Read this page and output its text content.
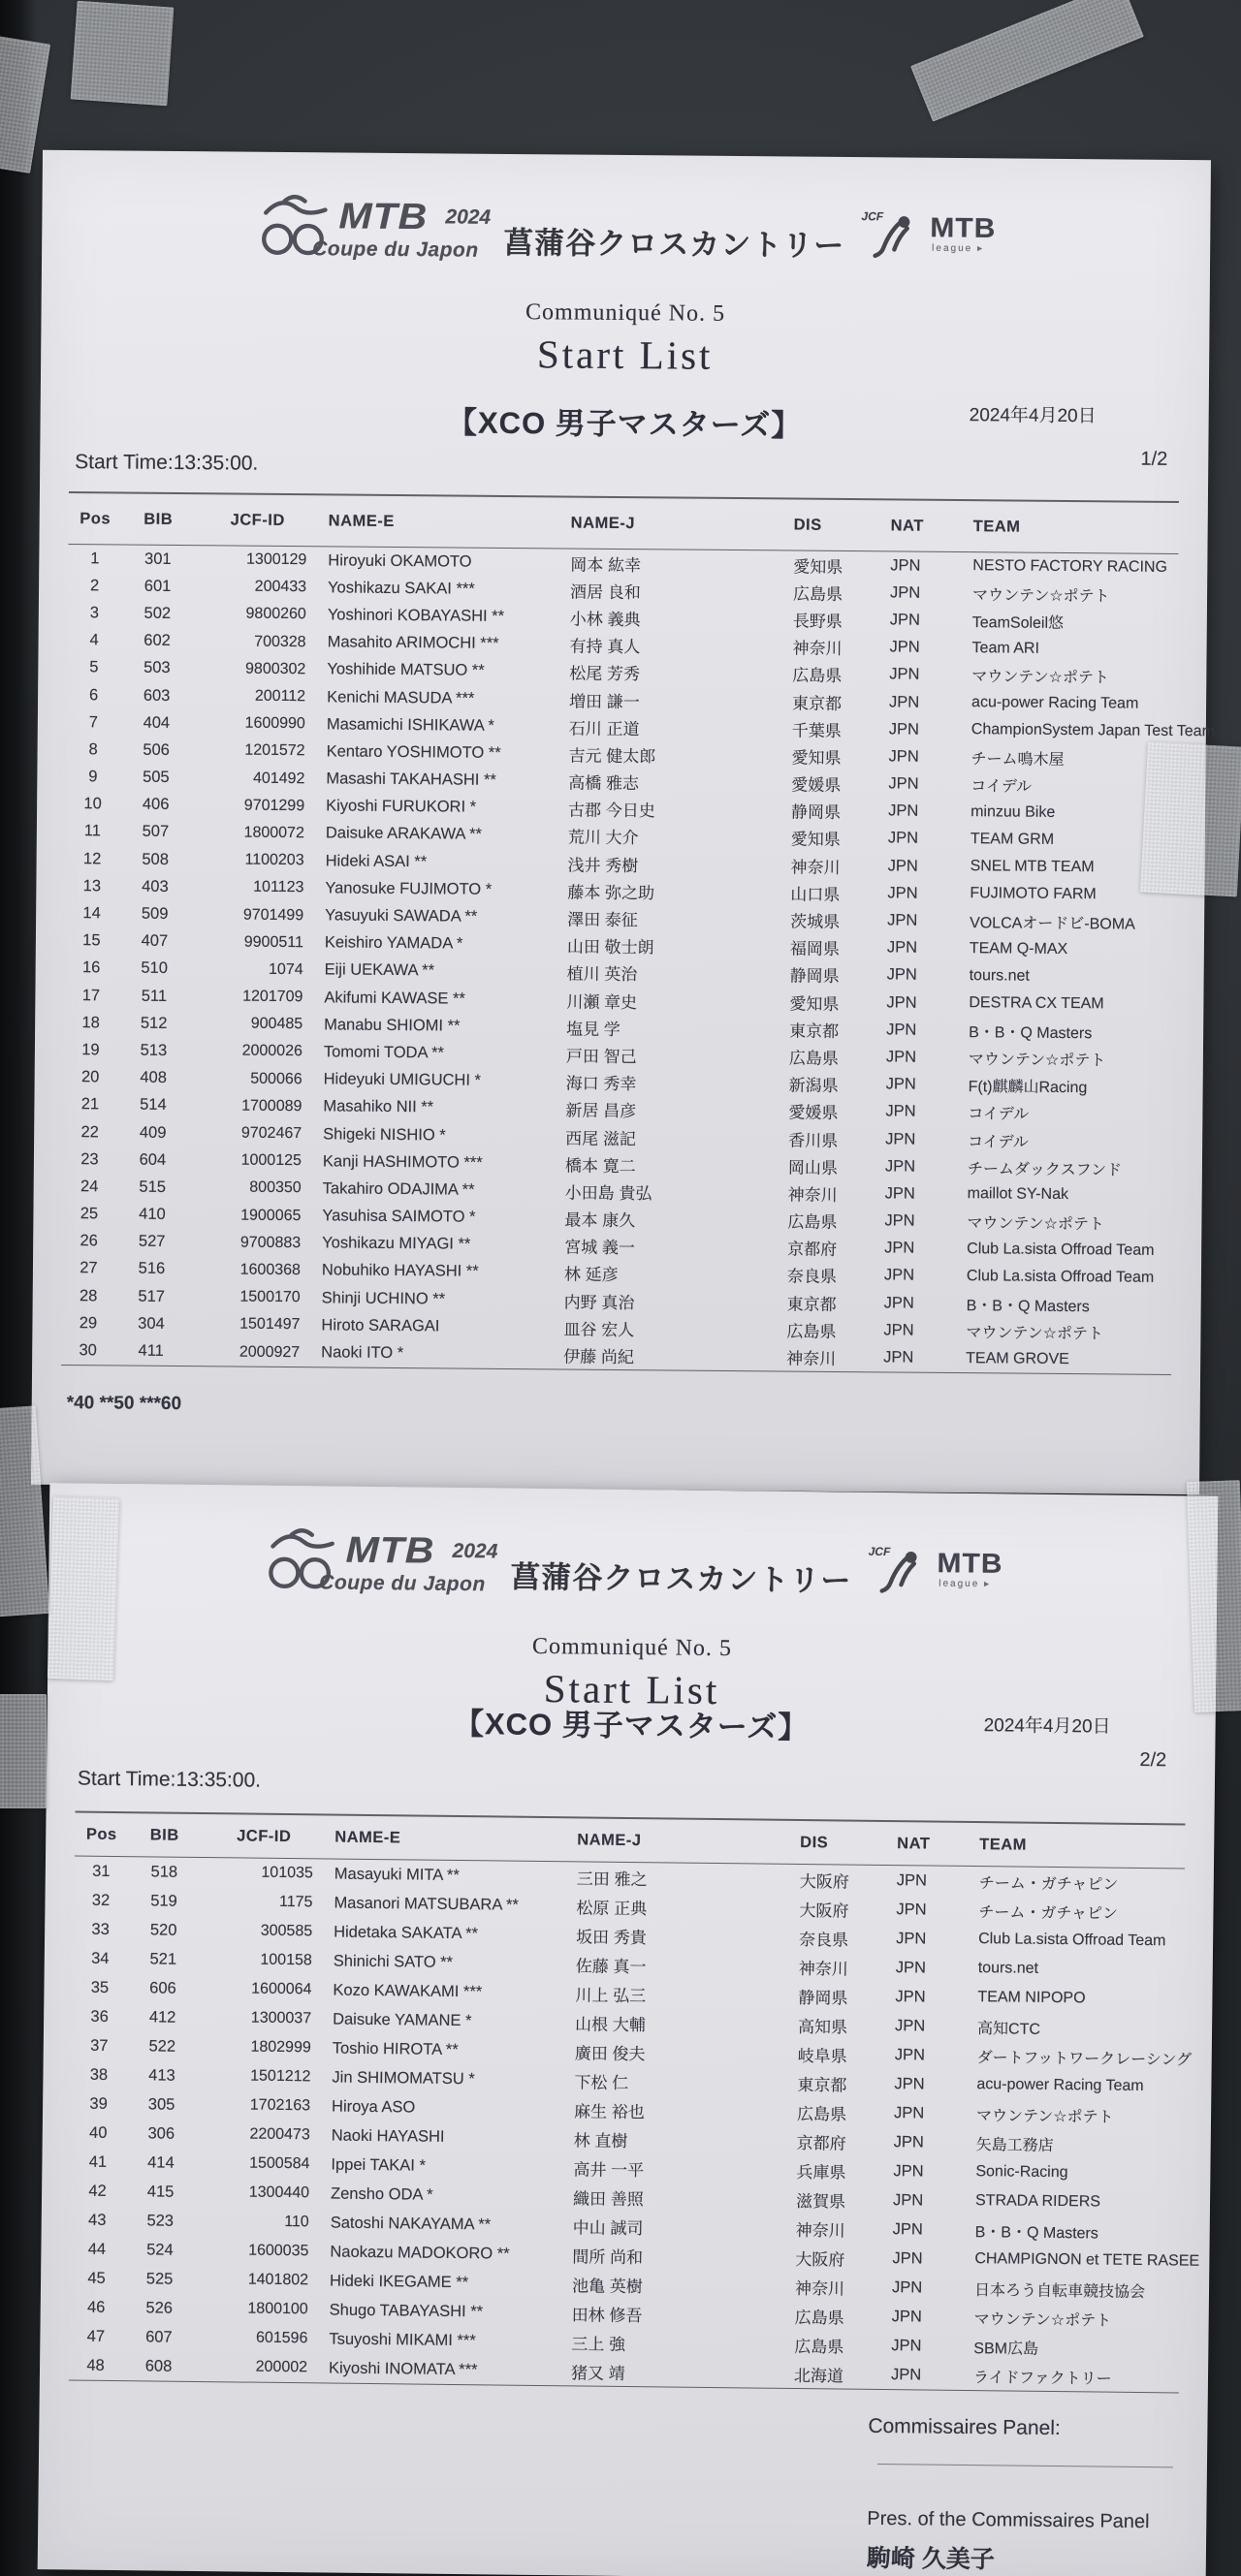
MTB
Coupe du Japon
2024
菖蒲谷クロスカントリー
JCF MTB
league ▸
Communiqué No. 5
Start List
【XCO 男子マスターズ】	2024年4月20日
1/2
Start Time:13:35:00.
Pos	BIB	JCF-ID	NAME-E	NAME-J	DIS	NAT	TEAM
1	301	1300129	Hiroyuki OKAMOTO	岡本 紘幸	愛知県	JPN	NESTO FACTORY RACING
2	601	200433	Yoshikazu SAKAI ***	酒居 良和	広島県	JPN	マウンテン☆ポテト
3	502	9800260	Yoshinori KOBAYASHI **	小林 義典	長野県	JPN	TeamSoleil悠
4	602	700328	Masahito ARIMOCHI ***	有持 真人	神奈川	JPN	Team ARI
5	503	9800302	Yoshihide MATSUO **	松尾 芳秀	広島県	JPN	マウンテン☆ポテト
6	603	200112	Kenichi MASUDA ***	増田 謙一	東京都	JPN	acu-power Racing Team
7	404	1600990	Masamichi ISHIKAWA *	石川 正道	千葉県	JPN	ChampionSystem Japan Test Team
8	506	1201572	Kentaro YOSHIMOTO **	吉元 健太郎	愛知県	JPN	チーム鳴木屋
9	505	401492	Masashi TAKAHASHI **	高橋 雅志	愛媛県	JPN	コイデル
10	406	9701299	Kiyoshi FURUKORI *	古郡 今日史	静岡県	JPN	minzuu Bike
11	507	1800072	Daisuke ARAKAWA **	荒川 大介	愛知県	JPN	TEAM GRM
12	508	1100203	Hideki ASAI **	浅井 秀樹	神奈川	JPN	SNEL MTB TEAM
13	403	101123	Yanosuke FUJIMOTO *	藤本 弥之助	山口県	JPN	FUJIMOTO FARM
14	509	9701499	Yasuyuki SAWADA **	澤田 泰征	茨城県	JPN	VOLCAオードビ-BOMA
15	407	9900511	Keishiro YAMADA *	山田 敬士朗	福岡県	JPN	TEAM Q-MAX
16	510	1074	Eiji UEKAWA **	植川 英治	静岡県	JPN	tours.net
17	511	1201709	Akifumi KAWASE **	川瀬 章史	愛知県	JPN	DESTRA CX TEAM
18	512	900485	Manabu SHIOMI **	塩見 学	東京都	JPN	B・B・Q Masters
19	513	2000026	Tomomi TODA **	戸田 智己	広島県	JPN	マウンテン☆ポテト
20	408	500066	Hideyuki UMIGUCHI *	海口 秀幸	新潟県	JPN	F(t)麒麟山Racing
21	514	1700089	Masahiko NII **	新居 昌彦	愛媛県	JPN	コイデル
22	409	9702467	Shigeki NISHIO *	西尾 滋記	香川県	JPN	コイデル
23	604	1000125	Kanji HASHIMOTO ***	橋本 寛二	岡山県	JPN	チームダックスフンド
24	515	800350	Takahiro ODAJIMA **	小田島 貴弘	神奈川	JPN	maillot SY-Nak
25	410	1900065	Yasuhisa SAIMOTO *	最本 康久	広島県	JPN	マウンテン☆ポテト
26	527	9700883	Yoshikazu MIYAGI **	宮城 義一	京都府	JPN	Club La.sista Offroad Team
27	516	1600368	Nobuhiko HAYASHI **	林 延彦	奈良県	JPN	Club La.sista Offroad Team
28	517	1500170	Shinji UCHINO **	内野 真治	東京都	JPN	B・B・Q Masters
29	304	1501497	Hiroto SARAGAI	皿谷 宏人	広島県	JPN	マウンテン☆ポテト
30	411	2000927	Naoki ITO *	伊藤 尚紀	神奈川	JPN	TEAM GROVE
*40 **50 ***60
MTB
Coupe du Japon
2024
菖蒲谷クロスカントリー
JCF MTB
league ▸
Communiqué No. 5
Start List
【XCO 男子マスターズ】	2024年4月20日
2/2
Start Time:13:35:00.
Pos	BIB	JCF-ID	NAME-E	NAME-J	DIS	NAT	TEAM
31	518	101035	Masayuki MITA **	三田 雅之	大阪府	JPN	チーム・ガチャピン
32	519	1175	Masanori MATSUBARA **	松原 正典	大阪府	JPN	チーム・ガチャピン
33	520	300585	Hidetaka SAKATA **	坂田 秀貴	奈良県	JPN	Club La.sista Offroad Team
34	521	100158	Shinichi SATO **	佐藤 真一	神奈川	JPN	tours.net
35	606	1600064	Kozo KAWAKAMI ***	川上 弘三	静岡県	JPN	TEAM NIPOPO
36	412	1300037	Daisuke YAMANE *	山根 大輔	高知県	JPN	高知CTC
37	522	1802999	Toshio HIROTA **	廣田 俊夫	岐阜県	JPN	ダートフットワークレーシング
38	413	1501212	Jin SHIMOMATSU *	下松 仁	東京都	JPN	acu-power Racing Team
39	305	1702163	Hiroya ASO	麻生 裕也	広島県	JPN	マウンテン☆ポテト
40	306	2200473	Naoki HAYASHI	林 直樹	京都府	JPN	矢島工務店
41	414	1500584	Ippei TAKAI *	高井 一平	兵庫県	JPN	Sonic-Racing
42	415	1300440	Zensho ODA *	織田 善照	滋賀県	JPN	STRADA RIDERS
43	523	110	Satoshi NAKAYAMA **	中山 誠司	神奈川	JPN	B・B・Q Masters
44	524	1600035	Naokazu MADOKORO **	間所 尚和	大阪府	JPN	CHAMPIGNON et TETE RASEE
45	525	1401802	Hideki IKEGAME **	池亀 英樹	神奈川	JPN	日本ろう自転車競技協会
46	526	1800100	Shugo TABAYASHI **	田林 修吾	広島県	JPN	マウンテン☆ポテト
47	607	601596	Tsuyoshi MIKAMI ***	三上 強	広島県	JPN	SBM広島
48	608	200002	Kiyoshi INOMATA ***	猪又 靖	北海道	JPN	ライドファクトリー
Commissaires Panel:
Pres. of the Commissaires Panel
駒崎 久美子
